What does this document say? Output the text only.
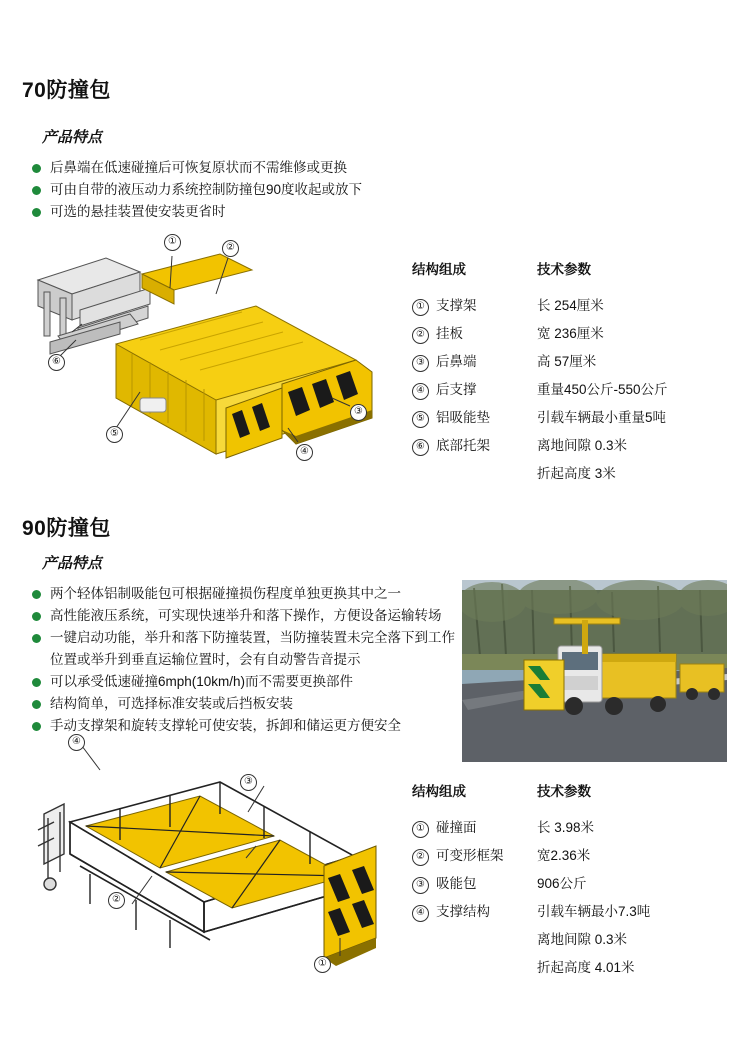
70防撞包
产品特点
后鼻端在低速碰撞后可恢复原状而不需维修或更换
可由自带的液压动力系统控制防撞包90度收起或放下
可选的悬挂装置使安装更省时
①
②
③
④
⑤
⑥
结构组成
① 支撑架
② 挂板
③ 后鼻端
④ 后支撑
⑤ 铝吸能垫
⑥ 底部托架
技术参数
长 254厘米
宽 236厘米
高 57厘米
重量450公斤-550公斤
引载车辆最小重量5吨
离地间隙 0.3米
折起高度 3米
90防撞包
产品特点
两个轻体铝制吸能包可根据碰撞损伤程度单独更换其中之一
高性能液压系统，可实现快速举升和落下操作，方便设备运输转场
一键启动功能，举升和落下防撞装置，当防撞装置未完全落下到工作
位置或举升到垂直运输位置时，会有自动警告音提示
可以承受低速碰撞6mph(10km/h)而不需要更换部件
结构简单，可选择标准安装或后挡板安装
手动支撑架和旋转支撑轮可使安装，拆卸和储运更方便安全
①
②
③
④
结构组成
① 碰撞面
② 可变形框架
③ 吸能包
④ 支撑结构
技术参数
长 3.98米
宽2.36米
906公斤
引载车辆最小7.3吨
离地间隙 0.3米
折起高度 4.01米
